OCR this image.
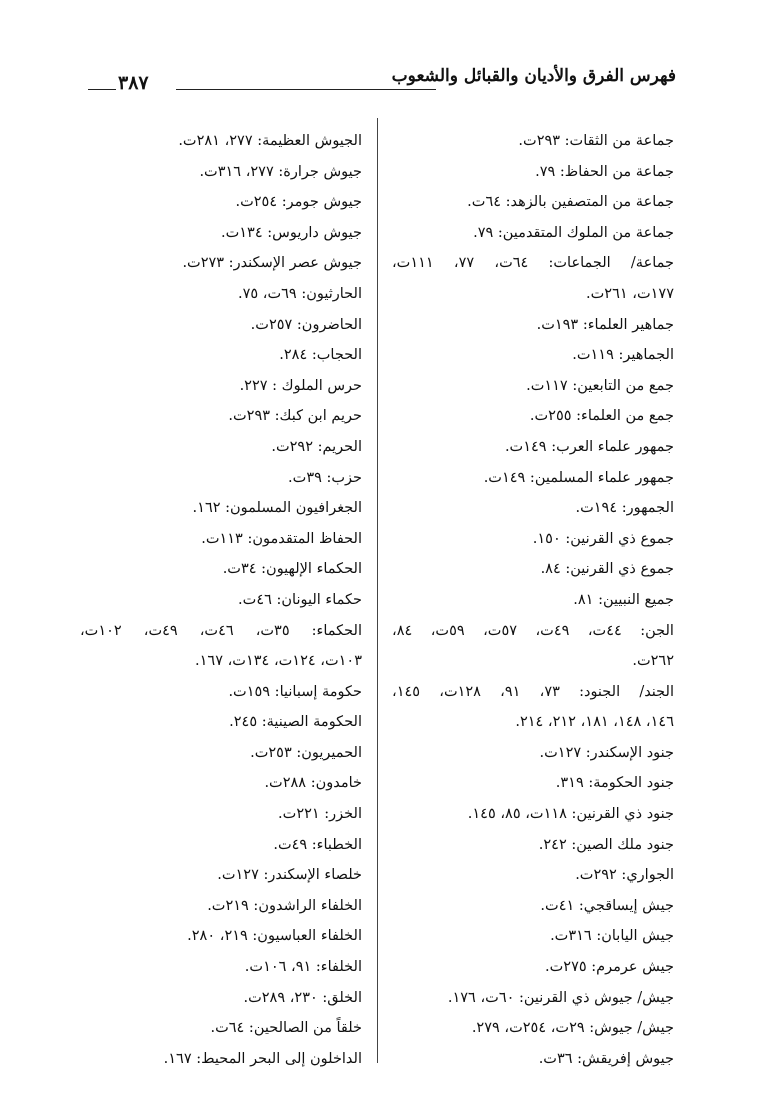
فهرس الفرق والأديان والقبائل والشعوب
٣٨٧
جماعة من الثقات: ٢٩٣ت.
جماعة من الحفاظ: ٧٩.
جماعة من المتصفين بالزهد: ٦٤ت.
جماعة من الملوك المتقدمين: ٧٩.
جماعة/ الجماعات: ٦٤ت، ٧٧، ١١١ت،
١٧٧ت، ٢٦١ت.
جماهير العلماء: ١٩٣ت.
الجماهير: ١١٩ت.
جمع من التابعين: ١١٧ت.
جمع من العلماء: ٢٥٥ت.
جمهور علماء العرب: ١٤٩ت.
جمهور علماء المسلمين: ١٤٩ت.
الجمهور: ١٩٤ت.
جموع ذي القرنين: ١٥٠.
جموع ذي القرنين: ٨٤.
جميع النبيين: ٨١.
الجن: ٤٤ت، ٤٩ت، ٥٧ت، ٥٩ت، ٨٤،
٢٦٢ت.
الجند/ الجنود: ٧٣، ٩١، ١٢٨ت، ١٤٥،
١٤٦، ١٤٨، ١٨١، ٢١٢، ٢١٤.
جنود الإسكندر: ١٢٧ت.
جنود الحكومة: ٣١٩.
جنود ذي القرنين: ١١٨ت، ٨٥، ١٤٥.
جنود ملك الصين: ٢٤٢.
الجواري: ٢٩٢ت.
جيش إيساقجي: ٤١ت.
جيش اليابان: ٣١٦ت.
جيش عرمرم: ٢٧٥ت.
جيش/ جيوش ذي القرنين: ٦٠ت، ١٧٦.
جيش/ جيوش: ٢٩ت، ٢٥٤ت، ٢٧٩.
جيوش إفريقش: ٣٦ت.
الجيوش العظيمة: ٢٧٧، ٢٨١ت.
جيوش جرارة: ٢٧٧، ٣١٦ت.
جيوش جومر: ٢٥٤ت.
جيوش داريوس: ١٣٤ت.
جيوش عصر الإسكندر: ٢٧٣ت.
الحارثيون: ٦٩ت، ٧٥.
الحاضرون: ٢٥٧ت.
الحجاب: ٢٨٤.
حرس الملوك : ٢٢٧.
حريم ابن كبك: ٢٩٣ت.
الحريم: ٢٩٢ت.
حزب: ٣٩ت.
الجغرافيون المسلمون: ١٦٢.
الحفاظ المتقدمون: ١١٣ت.
الحكماء الإلهيون: ٣٤ت.
حكماء اليونان: ٤٦ت.
الحكماء: ٣٥ت، ٤٦ت، ٤٩ت، ١٠٢ت،
١٠٣ت، ١٢٤ت، ١٣٤ت، ١٦٧.
حكومة إسبانيا: ١٥٩ت.
الحكومة الصينية: ٢٤٥.
الحميريون: ٢٥٣ت.
خامدون: ٢٨٨ت.
الخزر: ٢٢١ت.
الخطباء: ٤٩ت.
خلصاء الإسكندر: ١٢٧ت.
الخلفاء الراشدون: ٢١٩ت.
الخلفاء العباسيون: ٢١٩، ٢٨٠.
الخلفاء: ٩١، ١٠٦ت.
الخلق: ٢٣٠، ٢٨٩ت.
خلقاً من الصالحين: ٦٤ت.
الداخلون إلى البحر المحيط: ١٦٧.
